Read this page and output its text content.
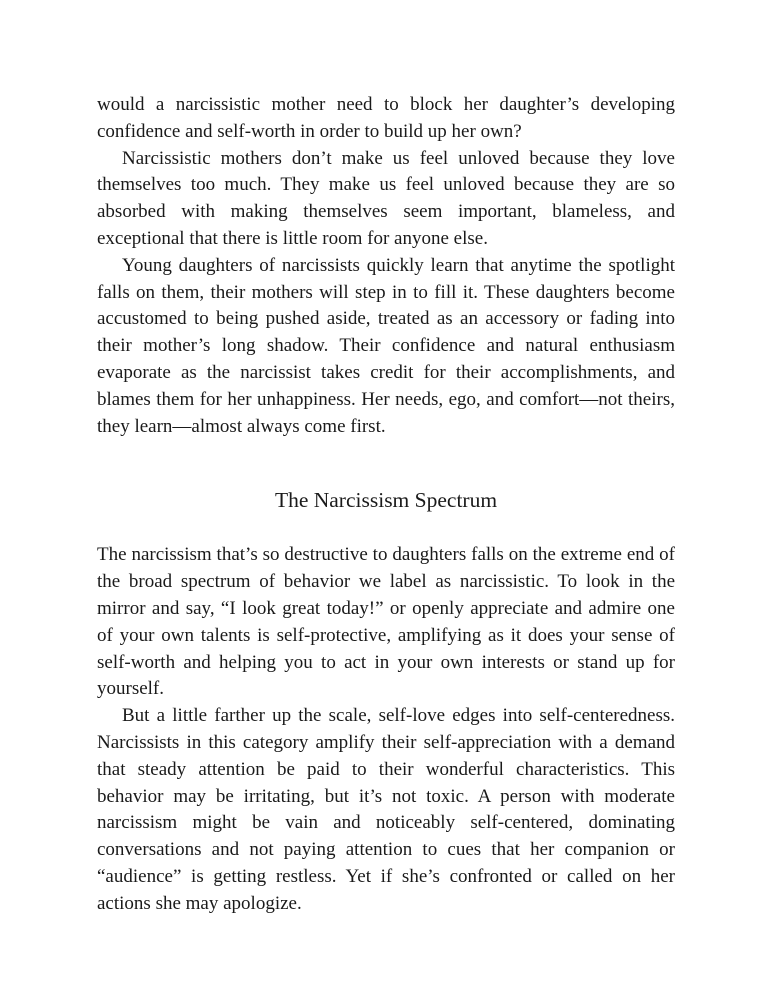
would a narcissistic mother need to block her daughter’s developing confidence and self-worth in order to build up her own?

Narcissistic mothers don’t make us feel unloved because they love themselves too much. They make us feel unloved because they are so absorbed with making themselves seem important, blameless, and exceptional that there is little room for anyone else.

Young daughters of narcissists quickly learn that anytime the spotlight falls on them, their mothers will step in to fill it. These daughters become accustomed to being pushed aside, treated as an accessory or fading into their mother’s long shadow. Their confidence and natural enthusiasm evaporate as the narcissist takes credit for their accomplishments, and blames them for her unhappiness. Her needs, ego, and comfort—not theirs, they learn—almost always come first.

The Narcissism Spectrum

The narcissism that’s so destructive to daughters falls on the extreme end of the broad spectrum of behavior we label as narcissistic. To look in the mirror and say, “I look great today!” or openly appreciate and admire one of your own talents is self-protective, amplifying as it does your sense of self-worth and helping you to act in your own interests or stand up for yourself.

But a little farther up the scale, self-love edges into self-centeredness. Narcissists in this category amplify their self-appreciation with a demand that steady attention be paid to their wonderful characteristics. This behavior may be irritating, but it’s not toxic. A person with moderate narcissism might be vain and noticeably self-centered, dominating conversations and not paying attention to cues that her companion or “audience” is getting restless. Yet if she’s confronted or called on her actions she may apologize.
